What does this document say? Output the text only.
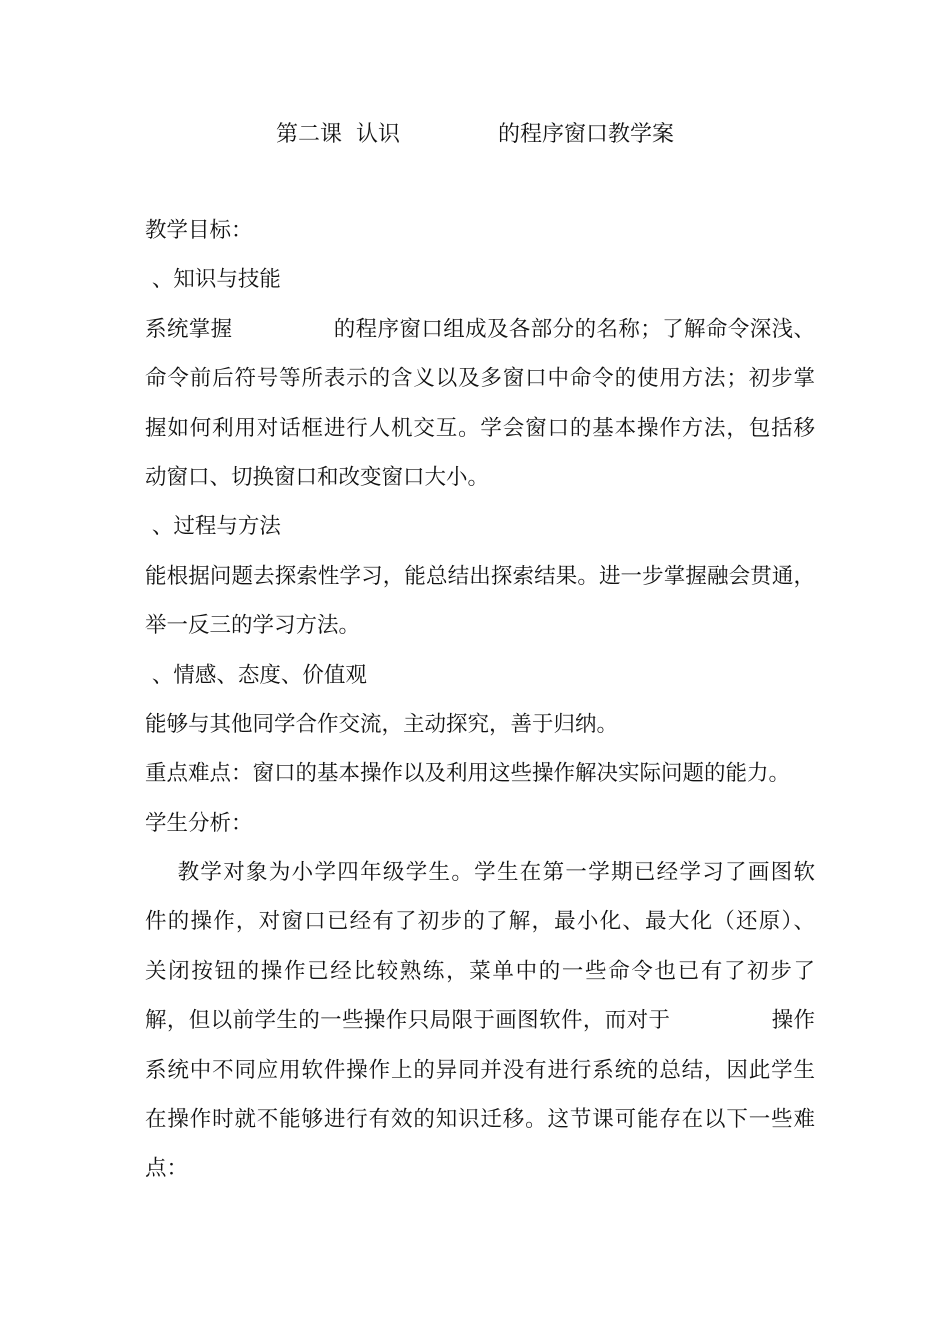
第二课  认识              的程序窗口教学案
教学目标：
、知识与技能
系统掌握              的程序窗口组成及各部分的名称；了解命令深浅、
命令前后符号等所表示的含义以及多窗口中命令的使用方法；初步掌
握如何利用对话框进行人机交互。学会窗口的基本操作方法，包括移
动窗口、切换窗口和改变窗口大小。
、过程与方法
能根据问题去探索性学习，能总结出探索结果。进一步掌握融会贯通，
举一反三的学习方法。
、情感、态度、价值观
能够与其他同学合作交流，主动探究，善于归纳。
重点难点：窗口的基本操作以及利用这些操作解决实际问题的能力。
学生分析：
教学对象为小学四年级学生。学生在第一学期已经学习了画图软
件的操作，对窗口已经有了初步的了解，最小化、最大化（还原）、
关闭按钮的操作已经比较熟练，菜单中的一些命令也已有了初步了
解，但以前学生的一些操作只局限于画图软件，而对于              操作
系统中不同应用软件操作上的异同并没有进行系统的总结，因此学生
在操作时就不能够进行有效的知识迁移。这节课可能存在以下一些难
点：
